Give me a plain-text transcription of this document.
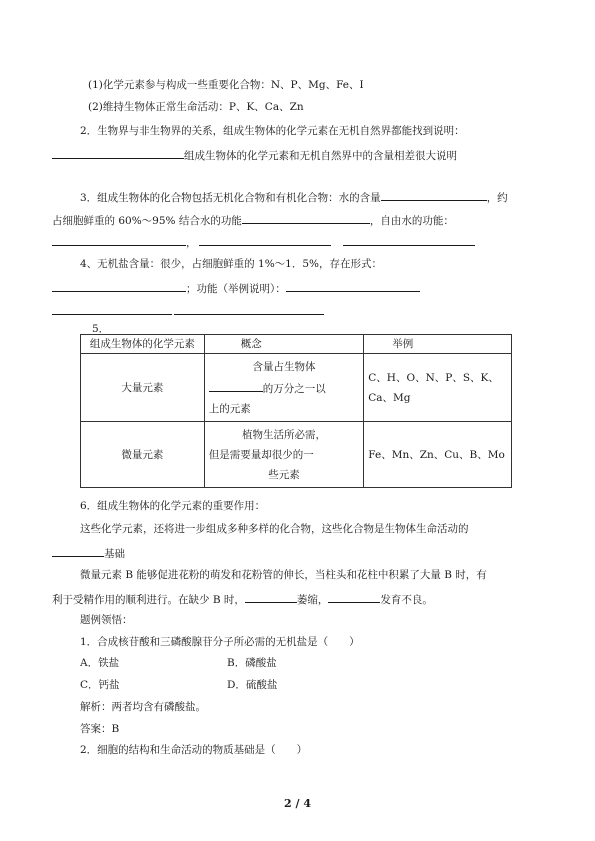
(1)化学元素参与构成一些重要化合物：N、P、Mg、Fe、I
(2)维持生物体正常生命活动：P、K、Ca、Zn
2．生物界与非生物界的关系，组成生物体的化学元素在无机自然界都能找到说明：
组成生物体的化学元素和无机自然界中的含量相差很大说明
3．组成生物体的化合物包括无机化合物和有机化合物：水的含量	，约
占细胞鲜重的 60%～95% 结合水的功能	，自由水的功能：
，
4、无机盐含量：很少，占细胞鲜重的 1%～1．5%，存在形式：
；功能（举例说明）：
5．
组成生物体的化学元素	概念	举例
大量元素	含量占生物体
的万分之一以
上的元素	C、H、O、N、P、S、K、
Ca、Mg

微量元素	植物生活所必需，
但是需要量却很少的一
些元素	Fe、Mn、Zn、Cu、B、Mo
6．组成生物体的化学元素的重要作用：
这些化学元素，还将进一步组成多种多样的化合物，这些化合物是生物体生命活动的
基础
微量元素 B 能够促进花粉的萌发和花粉管的伸长，当柱头和花柱中积累了大量 B 时，有
利于受精作用的顺利进行。在缺少 B 时，	萎缩，	发育不良。
题例领悟：
1．合成核苷酸和三磷酸腺苷分子所必需的无机盐是（　　）
A．铁盐	B．磷酸盐
C．钙盐	D．硫酸盐
解析：两者均含有磷酸盐。
答案：B
2．细胞的结构和生命活动的物质基础是（　　）
2 / 4
